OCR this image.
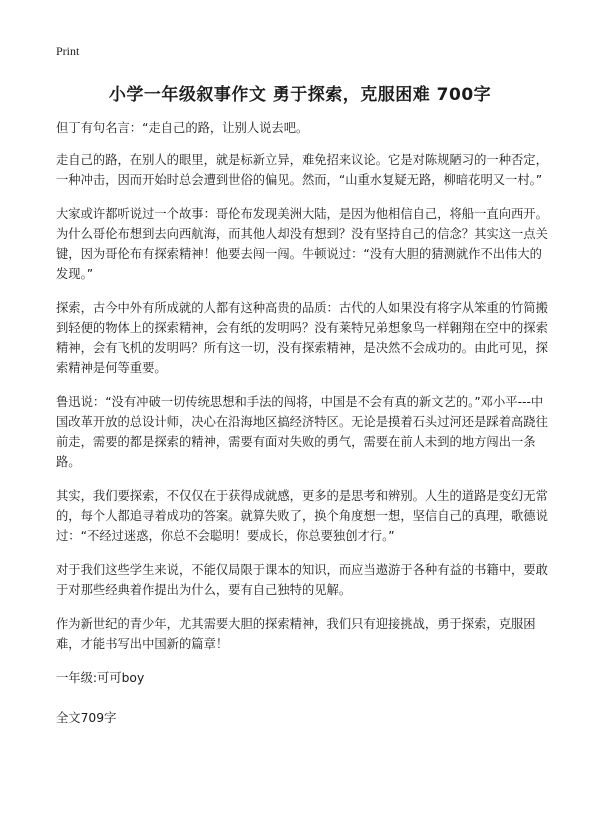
Print
小学一年级叙事作文 勇于探索，克服困难 700字

但丁有句名言：“走自己的路，让别人说去吧。

走自己的路，在别人的眼里，就是标新立异，难免招来议论。它是对陈规陋习的一种否定，一种冲击，因而开始时总会遭到世俗的偏见。然而，“山重水复疑无路，柳暗花明又一村。”

大家或许都听说过一个故事：哥伦布发现美洲大陆，是因为他相信自己，将船一直向西开。为什么哥伦布想到去向西航海，而其他人却没有想到？没有坚持自己的信念？其实这一点关键，因为哥伦布有探索精神！他要去闯一闯。牛顿说过：“没有大胆的猜测就作不出伟大的发现。”

探索，古今中外有所成就的人都有这种高贵的品质：古代的人如果没有将字从笨重的竹简搬到轻便的物体上的探索精神，会有纸的发明吗？没有莱特兄弟想象鸟一样翱翔在空中的探索精神，会有飞机的发明吗？所有这一切，没有探索精神，是决然不会成功的。由此可见，探索精神是何等重要。

鲁迅说：“没有冲破一切传统思想和手法的闯将，中国是不会有真的新文艺的。”邓小平---中国改革开放的总设计师，决心在沿海地区搞经济特区。无论是摸着石头过河还是踩着高跷往前走，需要的都是探索的精神，需要有面对失败的勇气，需要在前人未到的地方闯出一条路。

其实，我们要探索，不仅仅在于获得成就感，更多的是思考和辨别。人生的道路是变幻无常的，每个人都追寻着成功的答案。就算失败了，换个角度想一想，坚信自己的真理，歌德说过：“不经过迷惑，你总不会聪明！要成长，你总要独创才行。”

对于我们这些学生来说，不能仅局限于课本的知识，而应当遨游于各种有益的书籍中，要敢于对那些经典着作提出为什么，要有自己独特的见解。

作为新世纪的青少年，尤其需要大胆的探索精神，我们只有迎接挑战，勇于探索，克服困难，才能书写出中国新的篇章！

一年级:可可boy

全文709字
